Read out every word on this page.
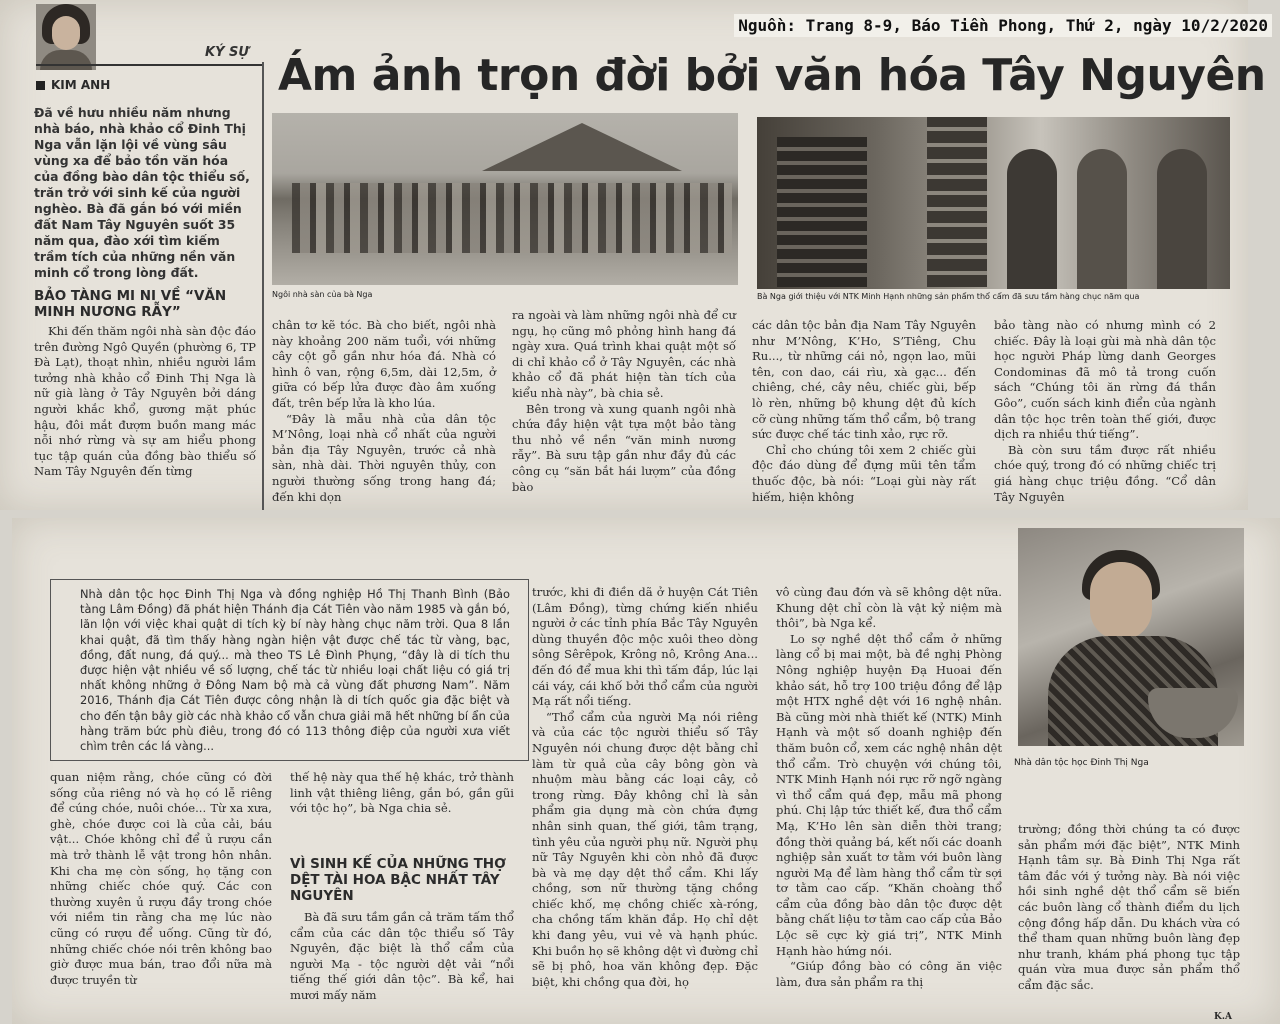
Nguồn: Trang 8-9, Báo Tiền Phong, Thứ 2, ngày 10/2/2020
KÝ SỰ
KIM ANH	Ám ảnh trọn đời bởi văn hóa Tây Nguyên
Đã về hưu nhiều năm nhưng nhà báo, nhà khảo cổ Đinh Thị Nga vẫn lặn lội về vùng sâu vùng xa để bảo tồn văn hóa của đồng bào dân tộc thiểu số, trăn trở với sinh kế của người nghèo. Bà đã gắn bó với miền đất Nam Tây Nguyên suốt 35 năm qua, đào xới tìm kiếm trầm tích của những nền văn minh cổ trong lòng đất.
Ngôi nhà sàn của bà Nga	Bà Nga giới thiệu với NTK Minh Hạnh những sản phẩm thổ cẩm đã sưu tầm hàng chục năm qua
BẢO TÀNG MI NI VỀ “VĂN MINH NƯƠNG RẪY”

Khi đến thăm ngôi nhà sàn độc đáo trên đường Ngô Quyền (phường 6, TP Đà Lạt), thoạt nhìn, nhiều người lầm tưởng nhà khảo cổ Đinh Thị Nga là nữ già làng ở Tây Nguyên bởi dáng người khắc khổ, gương mặt phúc hậu, đôi mắt đượm buồn mang mác nỗi nhớ rừng và sự am hiểu phong tục tập quán của đồng bào thiểu số Nam Tây Nguyên đến từng

chân tơ kẽ tóc. Bà cho biết, ngôi nhà này khoảng 200 năm tuổi, với những cây cột gỗ gần như hóa đá. Nhà có hình ô van, rộng 6,5m, dài 12,5m, ở giữa có bếp lửa được đào âm xuống đất, trên bếp lửa là kho lúa.

“Đây là mẫu nhà của dân tộc M’Nông, loại nhà cổ nhất của người bản địa Tây Nguyên, trước cả nhà sàn, nhà dài. Thời nguyên thủy, con người thường sống trong hang đá; đến khi dọn

ra ngoài và làm những ngôi nhà để cư ngụ, họ cũng mô phỏng hình hang đá ngày xưa. Quá trình khai quật một số di chỉ khảo cổ ở Tây Nguyên, các nhà khảo cổ đã phát hiện tàn tích của kiểu nhà này”, bà chia sẻ.

Bên trong và xung quanh ngôi nhà chứa đầy hiện vật tựa một bảo tàng thu nhỏ về nền “văn minh nương rẫy”. Bà sưu tập gần như đầy đủ các công cụ “săn bắt hái lượm” của đồng bào

các dân tộc bản địa Nam Tây Nguyên như M’Nông, K’Ho, S’Tiêng, Chu Ru..., từ những cái nỏ, ngọn lao, mũi tên, con dao, cái rìu, xà gạc... đến chiêng, ché, cây nêu, chiếc gùi, bếp lò rèn, những bộ khung dệt đủ kích cỡ cùng những tấm thổ cẩm, bộ trang sức được chế tác tinh xảo, rực rỡ.

Chỉ cho chúng tôi xem 2 chiếc gùi độc đáo dùng để đựng mũi tên tẩm thuốc độc, bà nói: “Loại gùi này rất hiếm, hiện không

bảo tàng nào có nhưng mình có 2 chiếc. Đây là loại gùi mà nhà dân tộc học người Pháp lừng danh Georges Condominas đã mô tả trong cuốn sách “Chúng tôi ăn rừng đá thần Gôo”, cuốn sách kinh điển của ngành dân tộc học trên toàn thế giới, được dịch ra nhiều thứ tiếng”.

Bà còn sưu tầm được rất nhiều chóe quý, trong đó có những chiếc trị giá hàng chục triệu đồng. “Cổ dân Tây Nguyên

Nhà dân tộc học Đinh Thị Nga và đồng nghiệp Hồ Thị Thanh Bình (Bảo tàng Lâm Đồng) đã phát hiện Thánh địa Cát Tiên vào năm 1985 và gắn bó, lăn lộn với việc khai quật di tích kỳ bí này hàng chục năm trời. Qua 8 lần khai quật, đã tìm thấy hàng ngàn hiện vật được chế tác từ vàng, bạc, đồng, đất nung, đá quý... mà theo TS Lê Đình Phụng, “đây là di tích thu được hiện vật nhiều về số lượng, chế tác từ nhiều loại chất liệu có giá trị nhất không những ở Đông Nam bộ mà cả vùng đất phương Nam”. Năm 2016, Thánh địa Cát Tiên được công nhận là di tích quốc gia đặc biệt và cho đến tận bây giờ các nhà khảo cổ vẫn chưa giải mã hết những bí ẩn của hàng trăm bức phù điêu, trong đó có 113 thông điệp của người xưa viết chìm trên các lá vàng...
Nhà dân tộc học Đinh Thị Nga

quan niệm rằng, chóe cũng có đời sống của riêng nó và họ có lễ riêng để cúng chóe, nuôi chóe... Từ xa xưa, ghè, chóe được coi là của cải, báu vật... Chóe không chỉ để ủ rượu cần mà trở thành lễ vật trong hôn nhân. Khi cha mẹ còn sống, họ tặng con những chiếc chóe quý. Các con thường xuyên ủ rượu đầy trong chóe với niềm tin rằng cha mẹ lúc nào cũng có rượu để uống. Cũng từ đó, những chiếc chóe nói trên không bao giờ được mua bán, trao đổi nữa mà được truyền từ

thế hệ này qua thế hệ khác, trở thành linh vật thiêng liêng, gắn bó, gần gũi với tộc họ”, bà Nga chia sẻ.

VÌ SINH KẾ CỦA NHỮNG THỢ DỆT TÀI HOA BẬC NHẤT TÂY NGUYÊN

Bà đã sưu tầm gần cả trăm tấm thổ cẩm của các dân tộc thiểu số Tây Nguyên, đặc biệt là thổ cẩm của người Mạ - tộc người dệt vải “nổi tiếng thế giới dân tộc”. Bà kể, hai mươi mấy năm

trước, khi đi điền dã ở huyện Cát Tiên (Lâm Đồng), từng chứng kiến nhiều người ở các tỉnh phía Bắc Tây Nguyên dùng thuyền độc mộc xuôi theo dòng sông Sêrêpok, Krông nô, Krông Ana... đến đó để mua khi thì tấm đắp, lúc lại cái váy, cái khố bởi thổ cẩm của người Mạ rất nổi tiếng.

“Thổ cẩm của người Mạ nói riêng và của các tộc người thiểu số Tây Nguyên nói chung được dệt bằng chỉ làm từ quả của cây bông gòn và nhuộm màu bằng các loại cây, cỏ trong rừng. Đây không chỉ là sản phẩm gia dụng mà còn chứa đựng nhân sinh quan, thế giới, tâm trạng, tình yêu của người phụ nữ. Người phụ nữ Tây Nguyên khi còn nhỏ đã được bà và mẹ dạy dệt thổ cẩm. Khi lấy chồng, sơn nữ thường tặng chồng chiếc khố, mẹ chồng chiếc xà-róng, cha chồng tấm khăn đắp. Họ chỉ dệt khi đang yêu, vui vẻ và hạnh phúc. Khi buồn họ sẽ không dệt vì đường chỉ sẽ bị phô, hoa văn không đẹp. Đặc biệt, khi chồng qua đời, họ

vô cùng đau đớn và sẽ không dệt nữa. Khung dệt chỉ còn là vật kỷ niệm mà thôi”, bà Nga kể.

Lo sợ nghề dệt thổ cẩm ở những làng cổ bị mai một, bà đề nghị Phòng Nông nghiệp huyện Đạ Huoai đến khảo sát, hỗ trợ 100 triệu đồng để lập một HTX nghề dệt với 16 nghệ nhân. Bà cũng mời nhà thiết kế (NTK) Minh Hạnh và một số doanh nghiệp đến thăm buôn cổ, xem các nghệ nhân dệt thổ cẩm. Trò chuyện với chúng tôi, NTK Minh Hạnh nói rực rỡ ngỡ ngàng vì thổ cẩm quá đẹp, mẫu mã phong phú. Chị lập tức thiết kế, đưa thổ cẩm Mạ, K’Ho lên sàn diễn thời trang; đồng thời quảng bá, kết nối các doanh nghiệp sản xuất tơ tằm với buôn làng người Mạ để làm hàng thổ cẩm từ sợi tơ tằm cao cấp. “Khăn choàng thổ cẩm của đồng bào dân tộc được dệt bằng chất liệu tơ tằm cao cấp của Bảo Lộc sẽ cực kỳ giá trị”, NTK Minh Hạnh hào hứng nói.

“Giúp đồng bào có công ăn việc làm, đưa sản phẩm ra thị

trường; đồng thời chúng ta có được sản phẩm mới đặc biệt”, NTK Minh Hạnh tâm sự. Bà Đinh Thị Nga rất tâm đắc với ý tưởng này. Bà nói việc hồi sinh nghề dệt thổ cẩm sẽ biến các buôn làng cổ thành điểm du lịch cộng đồng hấp dẫn. Du khách vừa có thể tham quan những buôn làng đẹp như tranh, khám phá phong tục tập quán vừa mua được sản phẩm thổ cẩm đặc sắc.

K.A
